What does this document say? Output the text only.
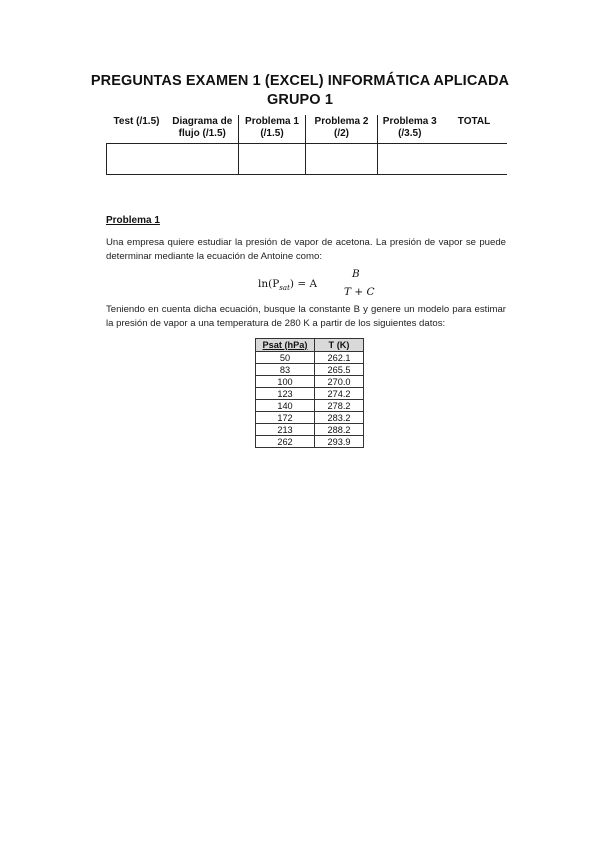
PREGUNTAS EXAMEN 1 (EXCEL) INFORMÁTICA APLICADA
GRUPO 1
Test (/1.5)	Diagrama de flujo (/1.5)	Problema 1 (/1.5)	Problema 2 (/2)	Problema 3 (/3.5)	TOTAL

Problema 1
Una empresa quiere estudiar la presión de vapor de acetona. La presión de vapor se puede determinar mediante la ecuación de Antoine como:
$\ln(P_{sat}) = A$
B
T + C
Teniendo en cuenta dicha ecuación, busque la constante B y genere un modelo para estimar la presión de vapor a una temperatura de 280 K a partir de los siguientes datos:
Psat (hPa)	T (K)
50	262.1
83	265.5
100	270.0
123	274.2
140	278.2
172	283.2
213	288.2
262	293.9
